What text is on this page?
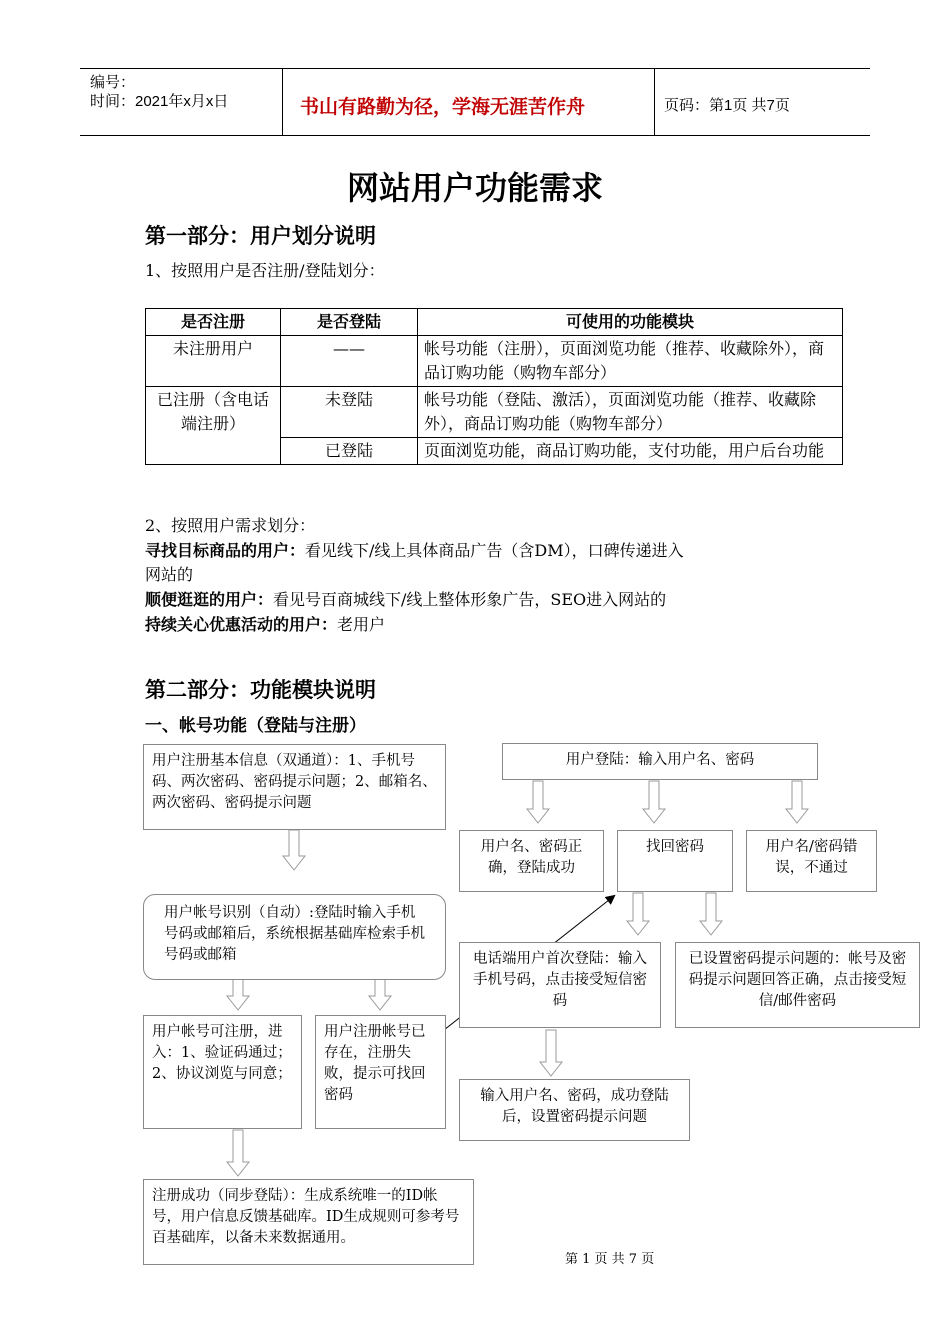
编号：
时间：2021年x月x日	书山有路勤为径，学海无涯苦作舟	页码：第1页 共7页
网站用户功能需求
第一部分：用户划分说明
1、按照用户是否注册/登陆划分：
是否注册	是否登陆	可使用的功能模块
未注册用户	——	帐号功能（注册），页面浏览功能（推荐、收藏除外），商品订购功能（购物车部分）
已注册（含电话端注册）	未登陆	帐号功能（登陆、激活），页面浏览功能（推荐、收藏除外），商品订购功能（购物车部分）
	已登陆	页面浏览功能，商品订购功能，支付功能，用户后台功能
2、按照用户需求划分：
寻找目标商品的用户：看见线下/线上具体商品广告（含DM），口碑传递进入
网站的
顺便逛逛的用户：看见号百商城线下/线上整体形象广告，SEO进入网站的
持续关心优惠活动的用户：老用户
第二部分：功能模块说明
一、帐号功能（登陆与注册）
用户注册基本信息（双通道）：1、手机号码、两次密码、密码提示问题；2、邮箱名、两次密码、密码提示问题
用户帐号识别（自动）:登陆时输入手机号码或邮箱后，系统根据基础库检索手机号码或邮箱
用户帐号可注册，进入：1、验证码通过；2、协议浏览与同意；
用户注册帐号已存在，注册失败，提示可找回密码
注册成功（同步登陆）：生成系统唯一的ID帐号，用户信息反馈基础库。ID生成规则可参考号百基础库，以备未来数据通用。
用户登陆：输入用户名、密码
用户名、密码正确，登陆成功
找回密码	用户名/密码错误，不通过
电话端用户首次登陆：输入手机号码，点击接受短信密码
已设置密码提示问题的：帐号及密码提示问题回答正确，点击接受短信/邮件密码
输入用户名、密码，成功登陆后，设置密码提示问题
第 1 页 共 7 页
